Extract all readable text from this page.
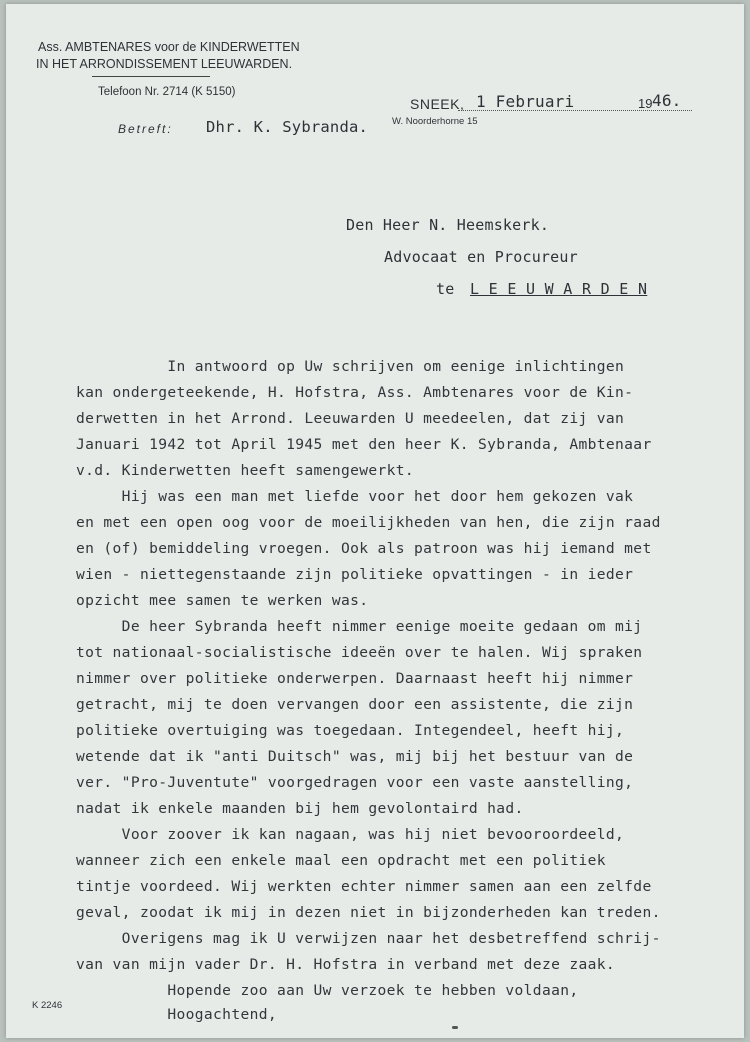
Ass. AMBTENARES voor de KINDERWETTEN
IN HET ARRONDISSEMENT LEEUWARDEN.
Telefoon Nr. 2714 (K 5150)
SNEEK, 1 Februari	19 46.
W. Noorderhorne 15
Betreft: Dhr. K. Sybranda.
Den Heer N. Heemskerk.
Advocaat en Procureur
te L E E U W A R D E N
In antwoord op Uw schrijven om eenige inlichtingen
kan ondergeteekende, H. Hofstra, Ass. Ambtenares voor de Kin-
derwetten in het Arrond. Leeuwarden U meedeelen, dat zij van
Januari 1942 tot April 1945 met den heer K. Sybranda, Ambtenaar
v.d. Kinderwetten heeft samengewerkt.
Hij was een man met liefde voor het door hem gekozen vak
en met een open oog voor de moeilijkheden van hen, die zijn raad
en (of) bemiddeling vroegen. Ook als patroon was hij iemand met
wien - niettegenstaande zijn politieke opvattingen - in ieder
opzicht mee samen te werken was.
De heer Sybranda heeft nimmer eenige moeite gedaan om mij
tot nationaal-socialistische ideeën over te halen. Wij spraken
nimmer over politieke onderwerpen. Daarnaast heeft hij nimmer
getracht, mij te doen vervangen door een assistente, die zijn
politieke overtuiging was toegedaan. Integendeel, heeft hij,
wetende dat ik "anti Duitsch" was, mij bij het bestuur van de
ver. "Pro-Juventute" voorgedragen voor een vaste aanstelling,
nadat ik enkele maanden bij hem gevolontaird had.
Voor zoover ik kan nagaan, was hij niet bevooroordeeld,
wanneer zich een enkele maal een opdracht met een politiek
tintje voordeed. Wij werkten echter nimmer samen aan een zelfde
geval, zoodat ik mij in dezen niet in bijzonderheden kan treden.
Overigens mag ik U verwijzen naar het desbetreffend schrij-
van van mijn vader Dr. H. Hofstra in verband met deze zaak.
Hopende zoo aan Uw verzoek te hebben voldaan,
Hoogachtend,
K 2246
